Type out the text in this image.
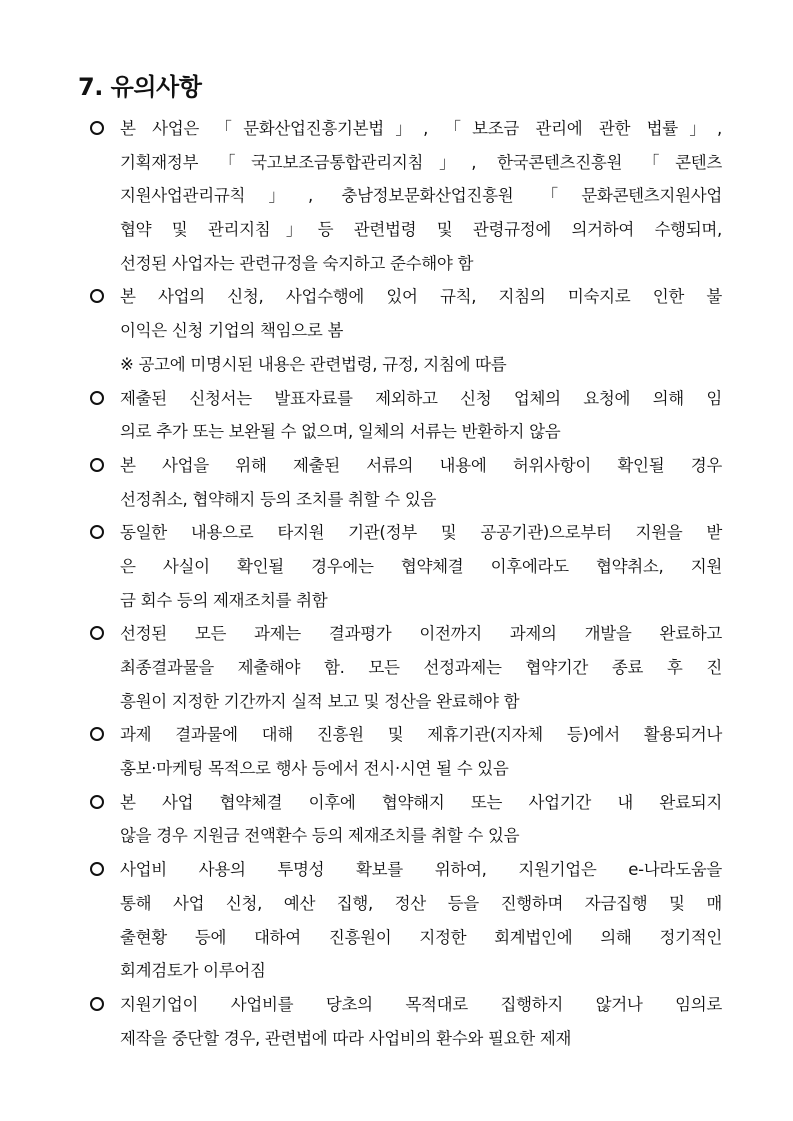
7. 유의사항
본 사업은 「문화산업진흥기본법」, 「보조금 관리에 관한 법률」,
기획재정부 「국고보조금통합관리지침」, 한국콘텐츠진흥원 「콘텐츠
지원사업관리규칙」, 충남정보문화산업진흥원 「문화콘텐츠지원사업
협약 및 관리지침」등 관련법령 및 관령규정에 의거하여 수행되며,
선정된 사업자는 관련규정을 숙지하고 준수해야 함
본 사업의 신청, 사업수행에 있어 규칙, 지침의 미숙지로 인한 불
이익은 신청 기업의 책임으로 봄
※ 공고에 미명시된 내용은 관련법령, 규정, 지침에 따름
제출된 신청서는 발표자료를 제외하고 신청 업체의 요청에 의해 임
의로 추가 또는 보완될 수 없으며, 일체의 서류는 반환하지 않음
본 사업을 위해 제출된 서류의 내용에 허위사항이 확인될 경우
선정취소, 협약해지 등의 조치를 취할 수 있음
동일한 내용으로 타지원 기관(정부 및 공공기관)으로부터 지원을 받
은 사실이 확인될 경우에는 협약체결 이후에라도 협약취소, 지원
금 회수 등의 제재조치를 취함
선정된 모든 과제는 결과평가 이전까지 과제의 개발을 완료하고
최종결과물을 제출해야 함. 모든 선정과제는 협약기간 종료 후 진
흥원이 지정한 기간까지 실적 보고 및 정산을 완료해야 함
과제 결과물에 대해 진흥원 및 제휴기관(지자체 등)에서 활용되거나
홍보·마케팅 목적으로 행사 등에서 전시·시연 될 수 있음
본 사업 협약체결 이후에 협약해지 또는 사업기간 내 완료되지
않을 경우 지원금 전액환수 등의 제재조치를 취할 수 있음
사업비 사용의 투명성 확보를 위하여, 지원기업은 e-나라도움을
통해 사업 신청, 예산 집행, 정산 등을 진행하며 자금집행 및 매
출현황 등에 대하여 진흥원이 지정한 회계법인에 의해 정기적인
회계검토가 이루어짐
지원기업이 사업비를 당초의 목적대로 집행하지 않거나 임의로
제작을 중단할 경우, 관련법에 따라 사업비의 환수와 필요한 제재
